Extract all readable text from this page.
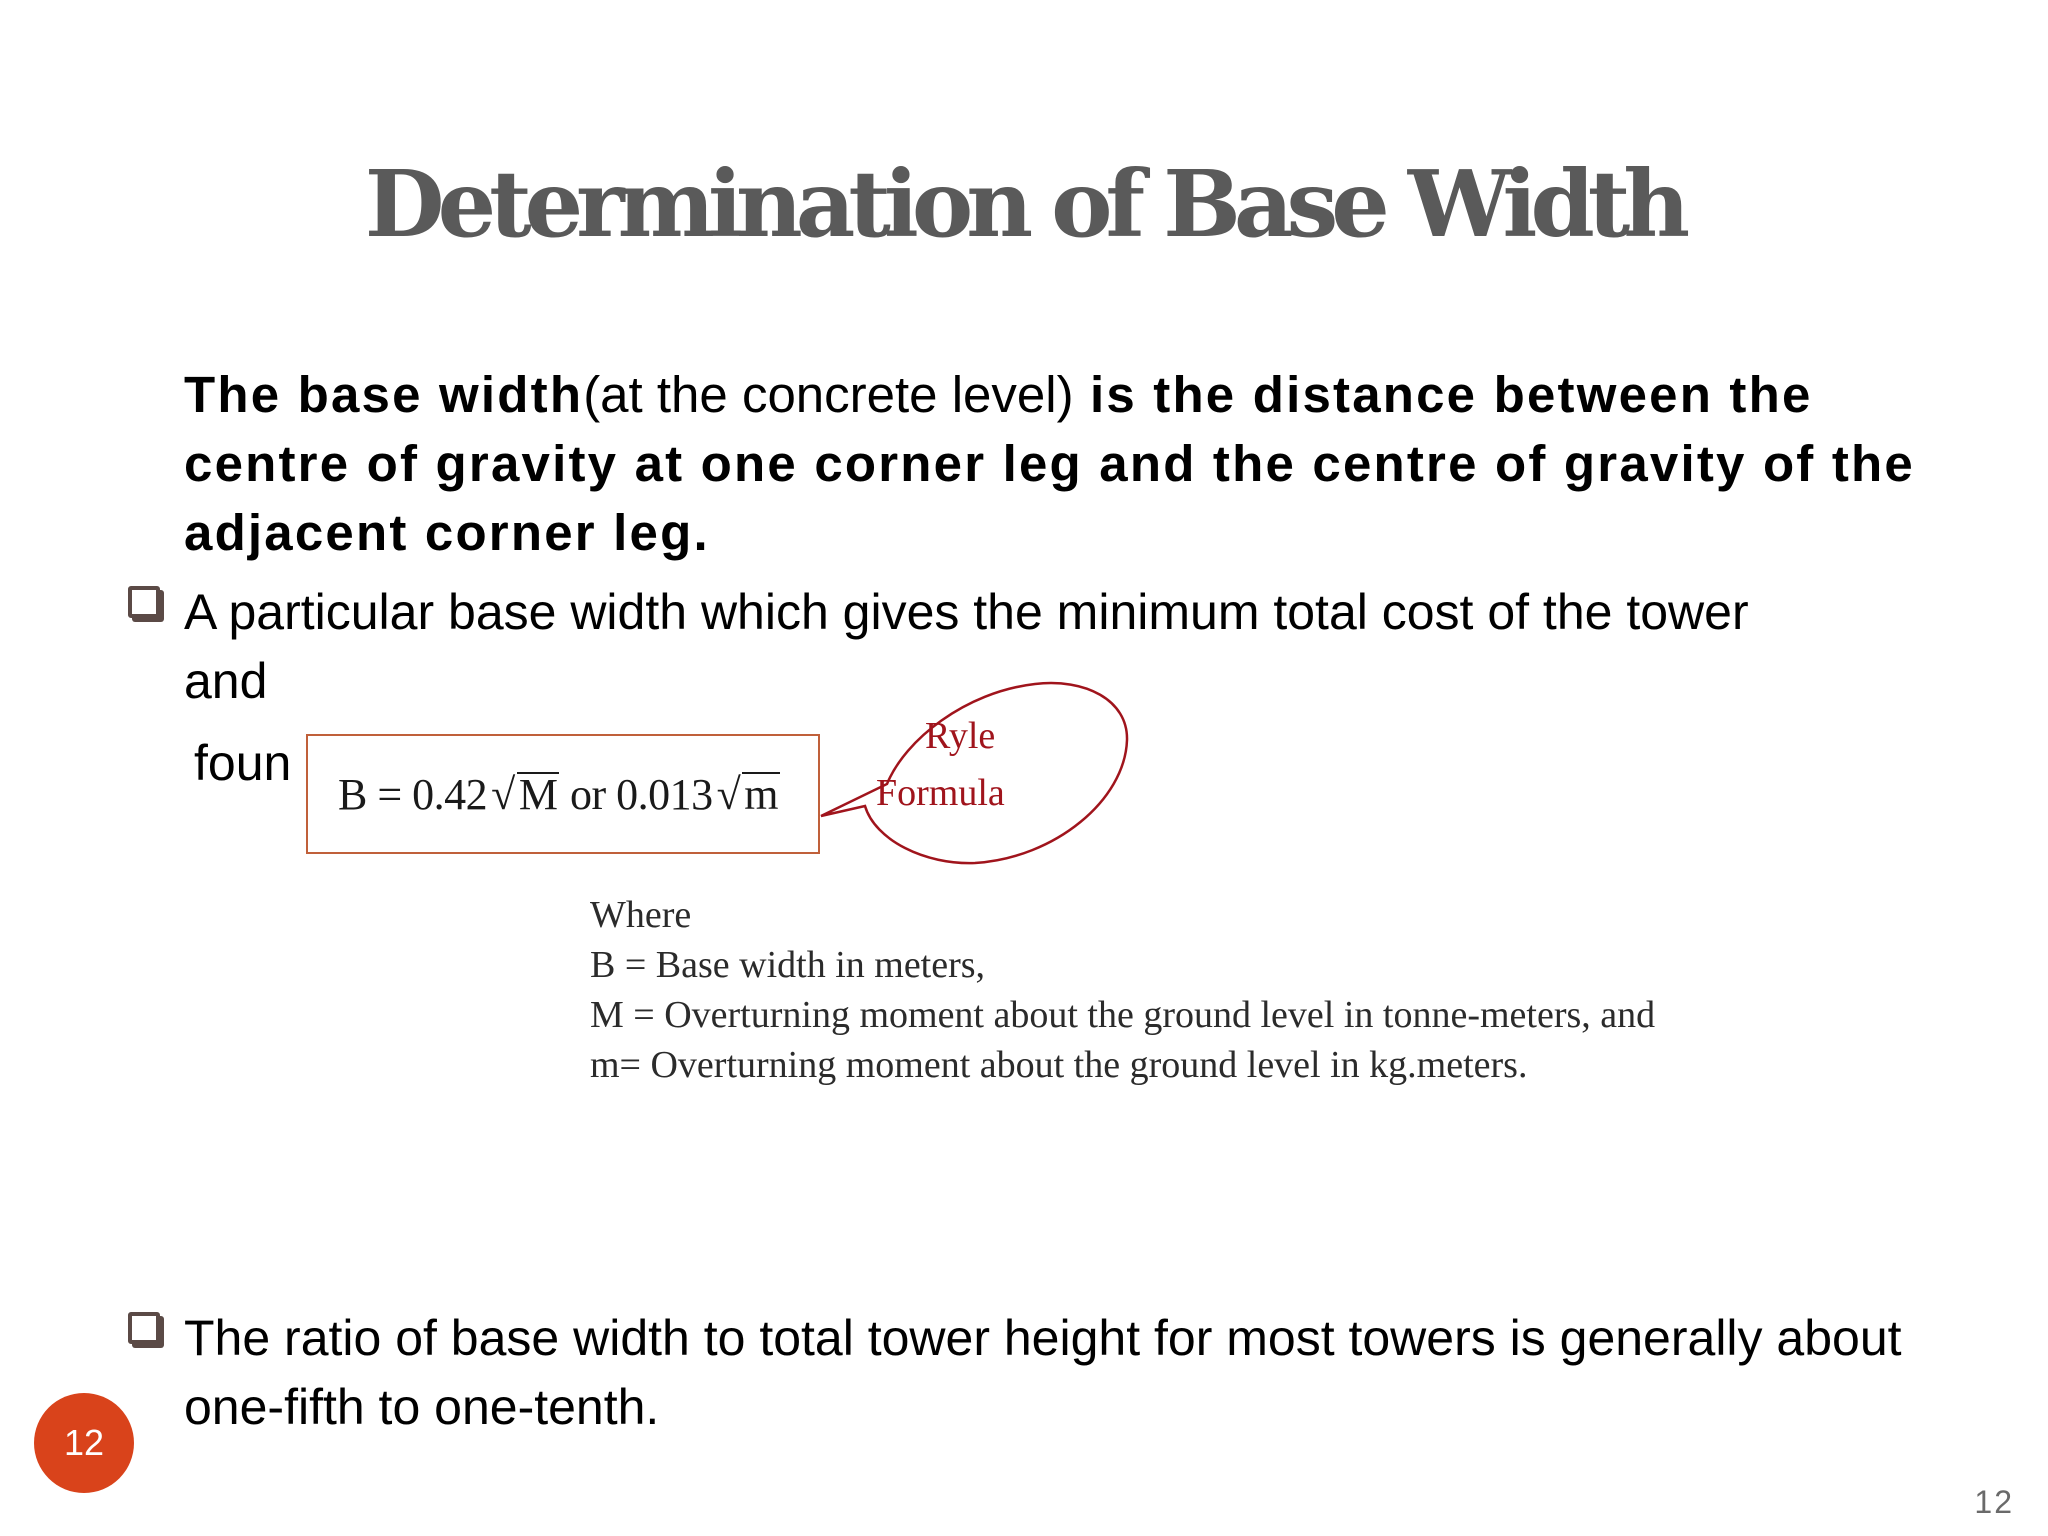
Determination of Base Width
The base width(at the concrete level) is the distance between the centre of gravity at one corner leg and the centre of gravity of the adjacent corner leg.
A particular base width which gives the minimum total cost of the tower
and
foun
B = 0.42 √ M or 0.013 √ m
Ryle
Formula
Where
B = Base width in meters,
M = Overturning moment about the ground level in tonne-meters, and
m= Overturning moment about the ground level in kg.meters.
The ratio of base width to total tower height for most towers is generally about one-fifth to one-tenth.
12
12
